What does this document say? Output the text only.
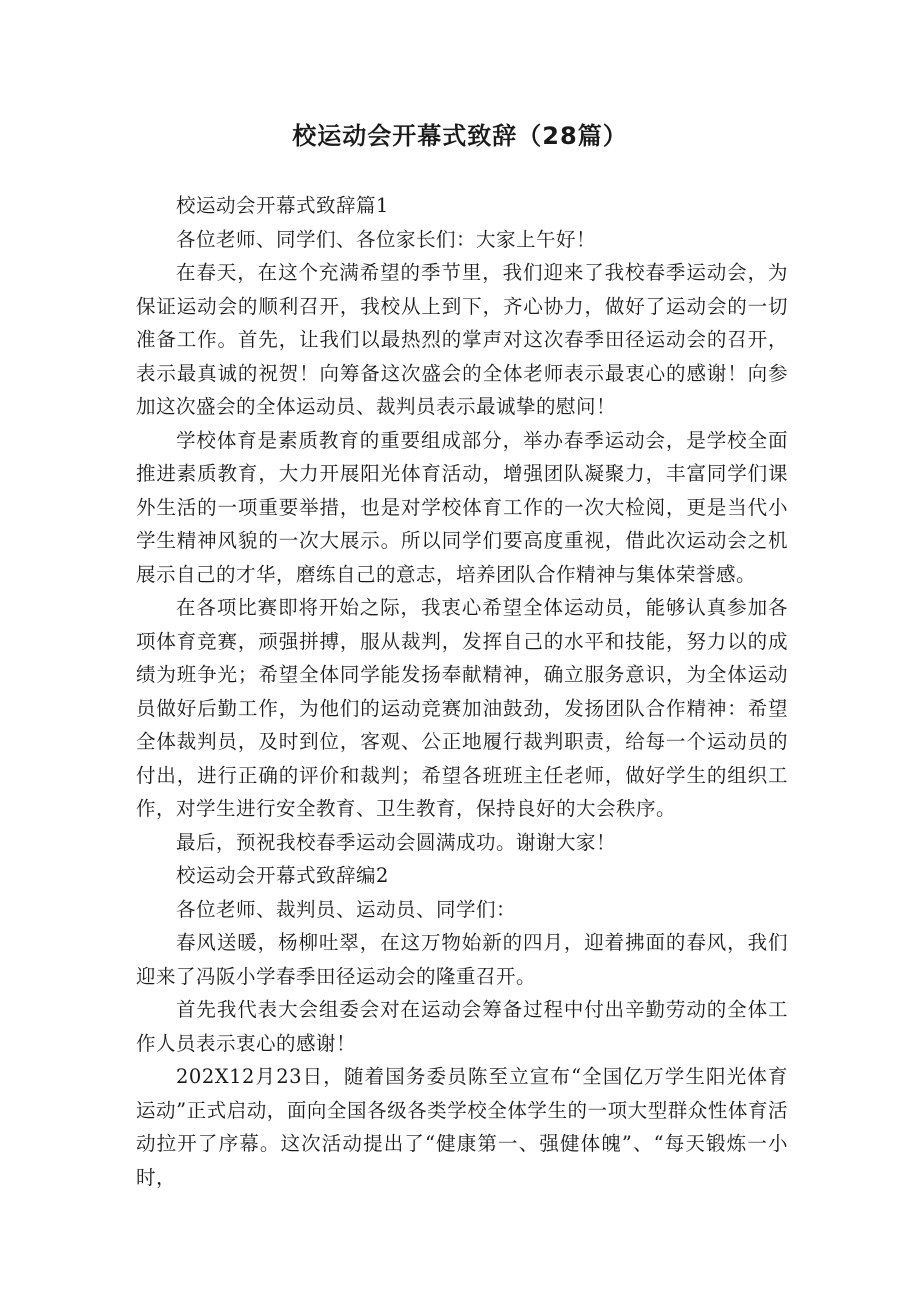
校运动会开幕式致辞（28篇）

校运动会开幕式致辞篇1

各位老师、同学们、各位家长们：大家上午好！

在春天，在这个充满希望的季节里，我们迎来了我校春季运动会，为保证运动会的顺利召开，我校从上到下，齐心协力，做好了运动会的一切准备工作。首先，让我们以最热烈的掌声对这次春季田径运动会的召开，表示最真诚的祝贺！向筹备这次盛会的全体老师表示最衷心的感谢！向参加这次盛会的全体运动员、裁判员表示最诚挚的慰问！

学校体育是素质教育的重要组成部分，举办春季运动会，是学校全面推进素质教育，大力开展阳光体育活动，增强团队凝聚力，丰富同学们课外生活的一项重要举措，也是对学校体育工作的一次大检阅，更是当代小学生精神风貌的一次大展示。所以同学们要高度重视，借此次运动会之机展示自己的才华，磨练自己的意志，培养团队合作精神与集体荣誉感。

在各项比赛即将开始之际，我衷心希望全体运动员，能够认真参加各项体育竞赛，顽强拼搏，服从裁判，发挥自己的水平和技能，努力以的成绩为班争光；希望全体同学能发扬奉献精神，确立服务意识，为全体运动员做好后勤工作，为他们的运动竞赛加油鼓劲，发扬团队合作精神：希望全体裁判员，及时到位，客观、公正地履行裁判职责，给每一个运动员的付出，进行正确的评价和裁判；希望各班班主任老师，做好学生的组织工作，对学生进行安全教育、卫生教育，保持良好的大会秩序。

最后，预祝我校春季运动会圆满成功。谢谢大家！

校运动会开幕式致辞编2

各位老师、裁判员、运动员、同学们：

春风送暖，杨柳吐翠，在这万物始新的四月，迎着拂面的春风，我们迎来了冯阪小学春季田径运动会的隆重召开。

首先我代表大会组委会对在运动会筹备过程中付出辛勤劳动的全体工作人员表示衷心的感谢！

202X12月23日，随着国务委员陈至立宣布“全国亿万学生阳光体育运动”正式启动，面向全国各级各类学校全体学生的一项大型群众性体育活动拉开了序幕。这次活动提出了“健康第一、强健体魄”、“每天锻炼一小时，
